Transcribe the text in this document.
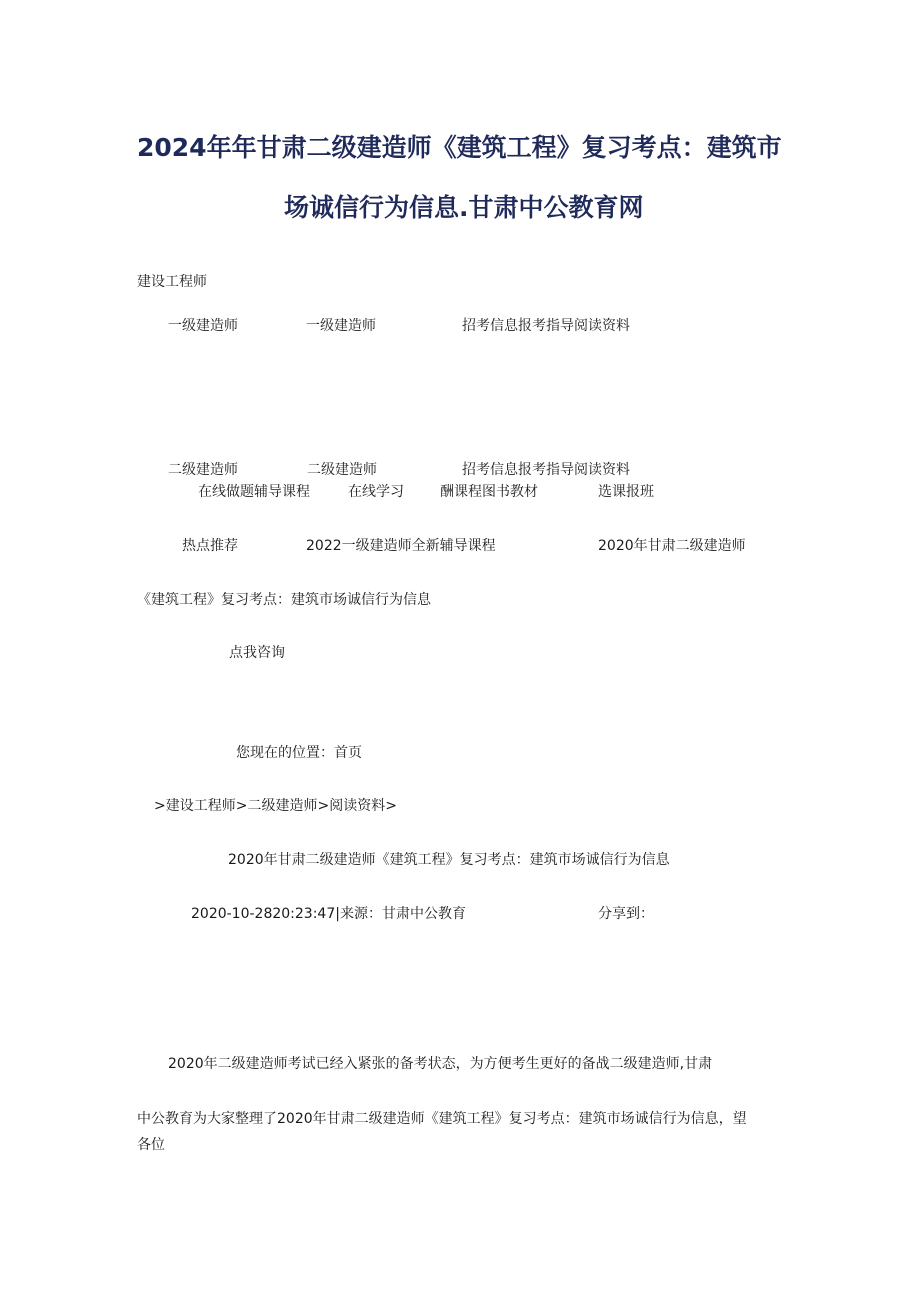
2024年年甘肃二级建造师《建筑工程》复习考点：建筑市
场诚信行为信息.甘肃中公教育网
建设工程师
一级建造师	一级建造师	招考信息报考指导阅读资料
二级建造师	二级建造师	招考信息报考指导阅读资料
在线做题辅导课程	在线学习	酬课程图书教材	选课报班
热点推荐	2022一级建造师全新辅导课程	2020年甘肃二级建造师
《建筑工程》复习考点：建筑市场诚信行为信息
点我咨询
您现在的位置：首页
>建设工程师>二级建造师>阅读资料>
2020年甘肃二级建造师《建筑工程》复习考点：建筑市场诚信行为信息
2020-10-2820:23:47|来源：甘肃中公教育	分享到：
2020年二级建造师考试已经入紧张的备考状态，为方便考生更好的备战二级建造师,甘肃
中公教育为大家整理了2020年甘肃二级建造师《建筑工程》复习考点：建筑市场诚信行为信息，望
各位
